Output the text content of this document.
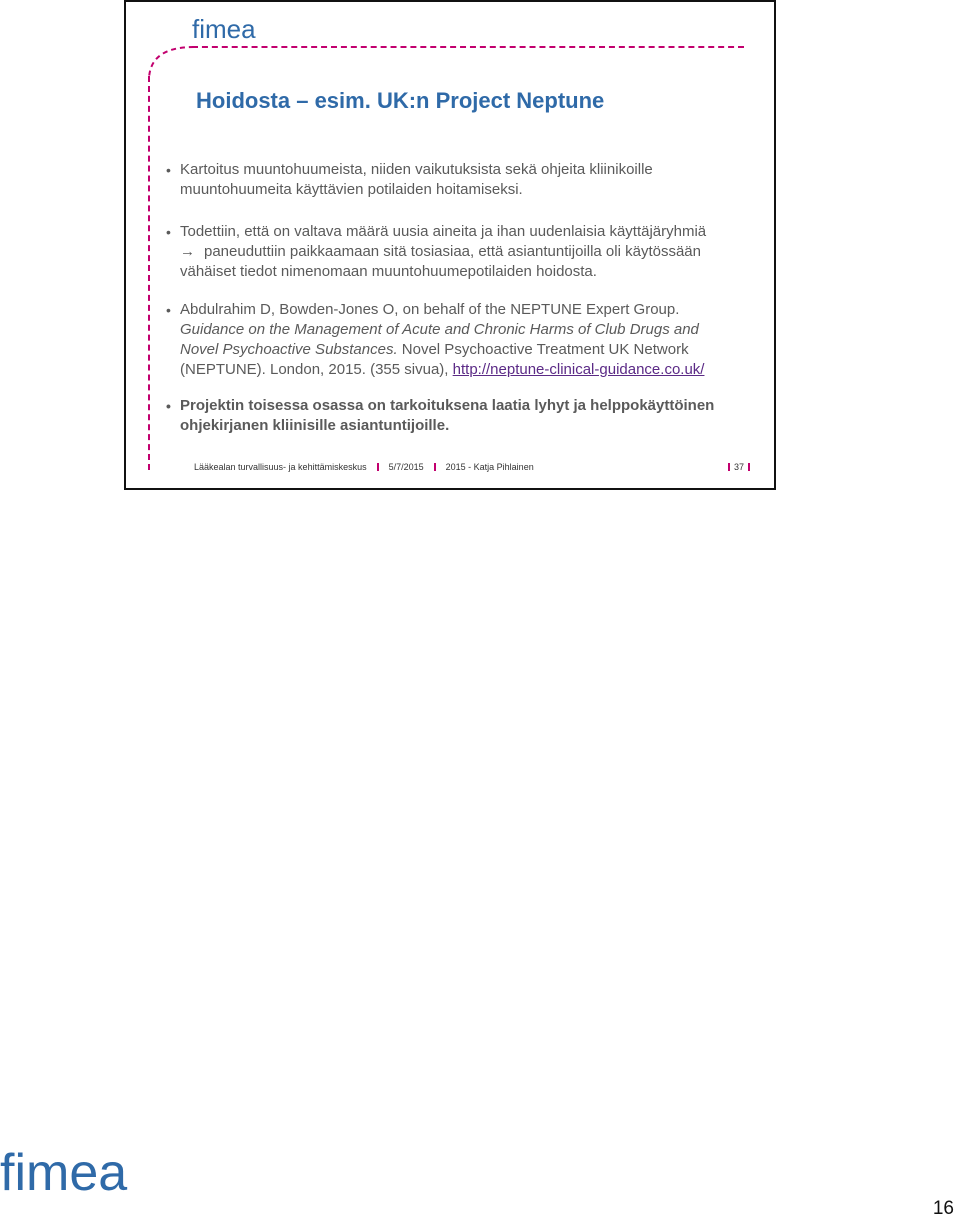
fimea
Hoidosta – esim. UK:n Project Neptune
• Kartoitus muuntohuumeista, niiden vaikutuksista sekä ohjeita kliinikoille
muuntohuumeita käyttävien potilaiden hoitamiseksi.
• Todettiin, että on valtava määrä uusia aineita ja ihan uudenlaisia käyttäjäryhmiä
→ paneuduttiin paikkaamaan sitä tosiasiaa, että asiantuntijoilla oli käytössään
vähäiset tiedot nimenomaan muuntohuumepotilaiden hoidosta.
• Abdulrahim D, Bowden-Jones O, on behalf of the NEPTUNE Expert Group.
Guidance on the Management of Acute and Chronic Harms of Club Drugs and
Novel Psychoactive Substances. Novel Psychoactive Treatment UK Network
(NEPTUNE). London, 2015. (355 sivua), http://neptune-clinical-guidance.co.uk/
• Projektin toisessa osassa on tarkoituksena laatia lyhyt ja helppokäyttöinen
ohjekirjanen kliinisille asiantuntijoille.
Lääkealan turvallisuus- ja kehittämiskeskus 5/7/2015 2015 - Katja Pihlainen	37
fimea
16
